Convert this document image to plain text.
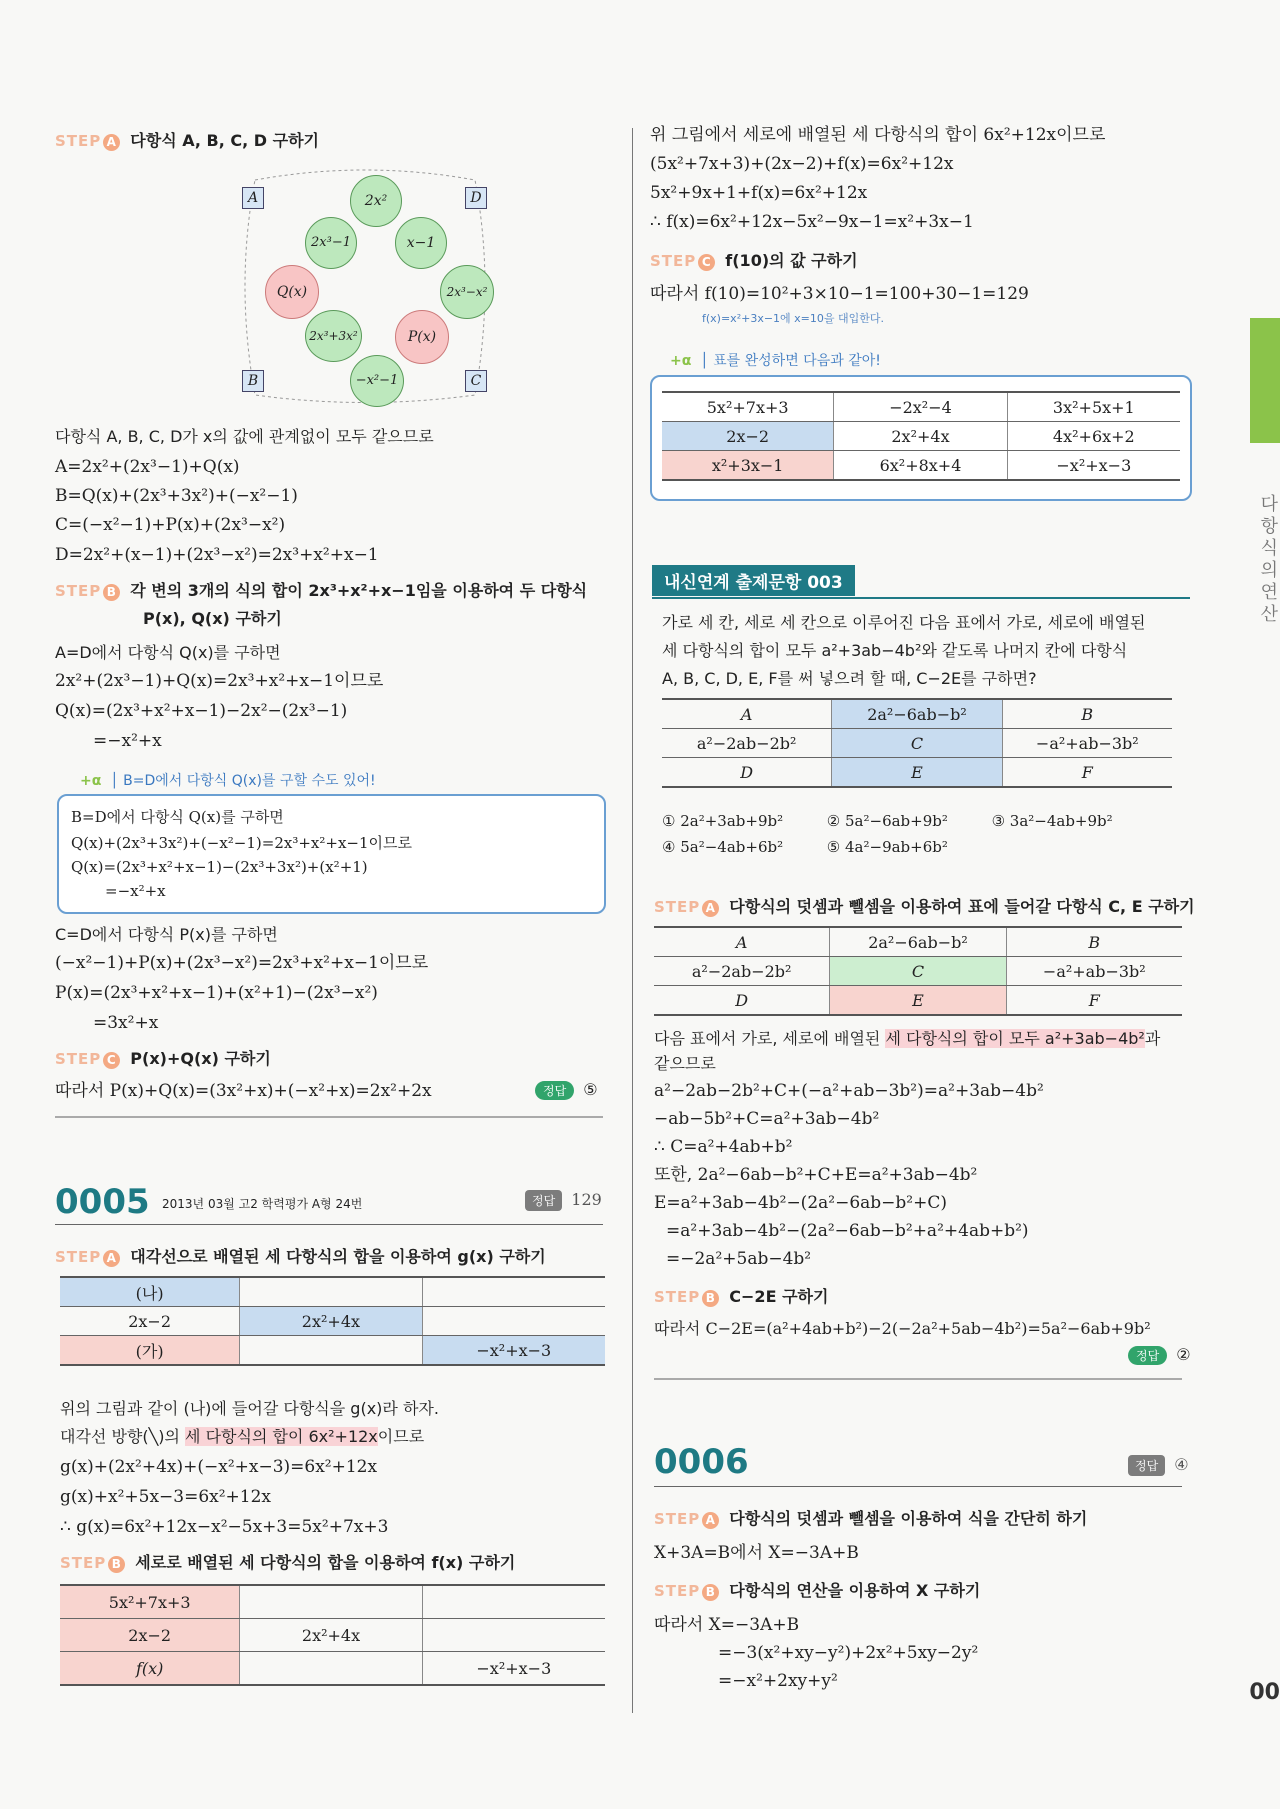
STEP A 다항식 A, B, C, D 구하기
A	D
B	C
2x²
2x³−1	x−1
Q(x)	2x³−x²
2x³+3x²	P(x)
−x²−1
다항식 A, B, C, D가 x의 값에 관계없이 모두 같으므로
A=2x²+(2x³−1)+Q(x)
B=Q(x)+(2x³+3x²)+(−x²−1)
C=(−x²−1)+P(x)+(2x³−x²)
D=2x²+(x−1)+(2x³−x²)=2x³+x²+x−1
STEP B 각 변의 3개의 식의 합이 2x³+x²+x−1임을 이용하여 두 다항식
P(x), Q(x) 구하기
A=D에서 다항식 Q(x)를 구하면
2x²+(2x³−1)+Q(x)=2x³+x²+x−1이므로
Q(x)=(2x³+x²+x−1)−2x²−(2x³−1)
=−x²+x
+α  │ B=D에서 다항식 Q(x)를 구할 수도 있어!
B=D에서 다항식 Q(x)를 구하면
Q(x)+(2x³+3x²)+(−x²−1)=2x³+x²+x−1이므로
Q(x)=(2x³+x²+x−1)−(2x³+3x²)+(x²+1)
=−x²+x
C=D에서 다항식 P(x)를 구하면
(−x²−1)+P(x)+(2x³−x²)=2x³+x²+x−1이므로
P(x)=(2x³+x²+x−1)+(x²+1)−(2x³−x²)
=3x²+x
STEP C P(x)+Q(x) 구하기
따라서 P(x)+Q(x)=(3x²+x)+(−x²+x)=2x²+2x	정답 ⑤
0005 2013년 03월 고2 학력평가 A형 24번	정답 129
STEP A 대각선으로 배열된 세 다항식의 합을 이용하여 g(x) 구하기
(나)		
2x−2	2x²+4x	
(가)		−x²+x−3
위의 그림과 같이 (나)에 들어갈 다항식을 g(x)라 하자.
대각선 방향(╲)의 세 다항식의 합이 6x²+12x이므로
g(x)+(2x²+4x)+(−x²+x−3)=6x²+12x
g(x)+x²+5x−3=6x²+12x
∴ g(x)=6x²+12x−x²−5x+3=5x²+7x+3
STEP B 세로로 배열된 세 다항식의 합을 이용하여 f(x) 구하기
5x²+7x+3		
2x−2	2x²+4x	
f(x)		−x²+x−3
위 그림에서 세로에 배열된 세 다항식의 합이 6x²+12x이므로
(5x²+7x+3)+(2x−2)+f(x)=6x²+12x
5x²+9x+1+f(x)=6x²+12x
∴ f(x)=6x²+12x−5x²−9x−1=x²+3x−1
STEP C f(10)의 값 구하기
따라서 f(10)=10²+3×10−1=100+30−1=129
f(x)=x²+3x−1에 x=10을 대입한다.
+α  │ 표를 완성하면 다음과 같아!
5x²+7x+3	−2x²−4	3x²+5x+1
2x−2	2x²+4x	4x²+6x+2
x²+3x−1	6x²+8x+4	−x²+x−3
내신연계 출제문항 003
가로 세 칸, 세로 세 칸으로 이루어진 다음 표에서 가로, 세로에 배열된
세 다항식의 합이 모두 a²+3ab−4b²와 같도록 나머지 칸에 다항식
A, B, C, D, E, F를 써 넣으려 할 때, C−2E를 구하면?
A	2a²−6ab−b²	B
a²−2ab−2b²	C	−a²+ab−3b²
D	E	F
① 2a²+3ab+9b²	② 5a²−6ab+9b²	③ 3a²−4ab+9b²
④ 5a²−4ab+6b²	⑤ 4a²−9ab+6b²
STEP A 다항식의 덧셈과 뺄셈을 이용하여 표에 들어갈 다항식 C, E 구하기
A	2a²−6ab−b²	B
a²−2ab−2b²	C	−a²+ab−3b²
D	E	F
다음 표에서 가로, 세로에 배열된 세 다항식의 합이 모두 a²+3ab−4b²과
같으므로
a²−2ab−2b²+C+(−a²+ab−3b²)=a²+3ab−4b²
−ab−5b²+C=a²+3ab−4b²
∴ C=a²+4ab+b²
또한, 2a²−6ab−b²+C+E=a²+3ab−4b²
E=a²+3ab−4b²−(2a²−6ab−b²+C)
=a²+3ab−4b²−(2a²−6ab−b²+a²+4ab+b²)
=−2a²+5ab−4b²
STEP B C−2E 구하기
따라서 C−2E=(a²+4ab+b²)−2(−2a²+5ab−4b²)=5a²−6ab+9b²
정답 ②
0006	정답 ④
STEP A 다항식의 덧셈과 뺄셈을 이용하여 식을 간단히 하기
X+3A=B에서 X=−3A+B
STEP B 다항식의 연산을 이용하여 X 구하기
따라서 X=−3A+B
=−3(x²+xy−y²)+2x²+5xy−2y²
=−x²+2xy+y²
다
항
식
의
연
산
00
